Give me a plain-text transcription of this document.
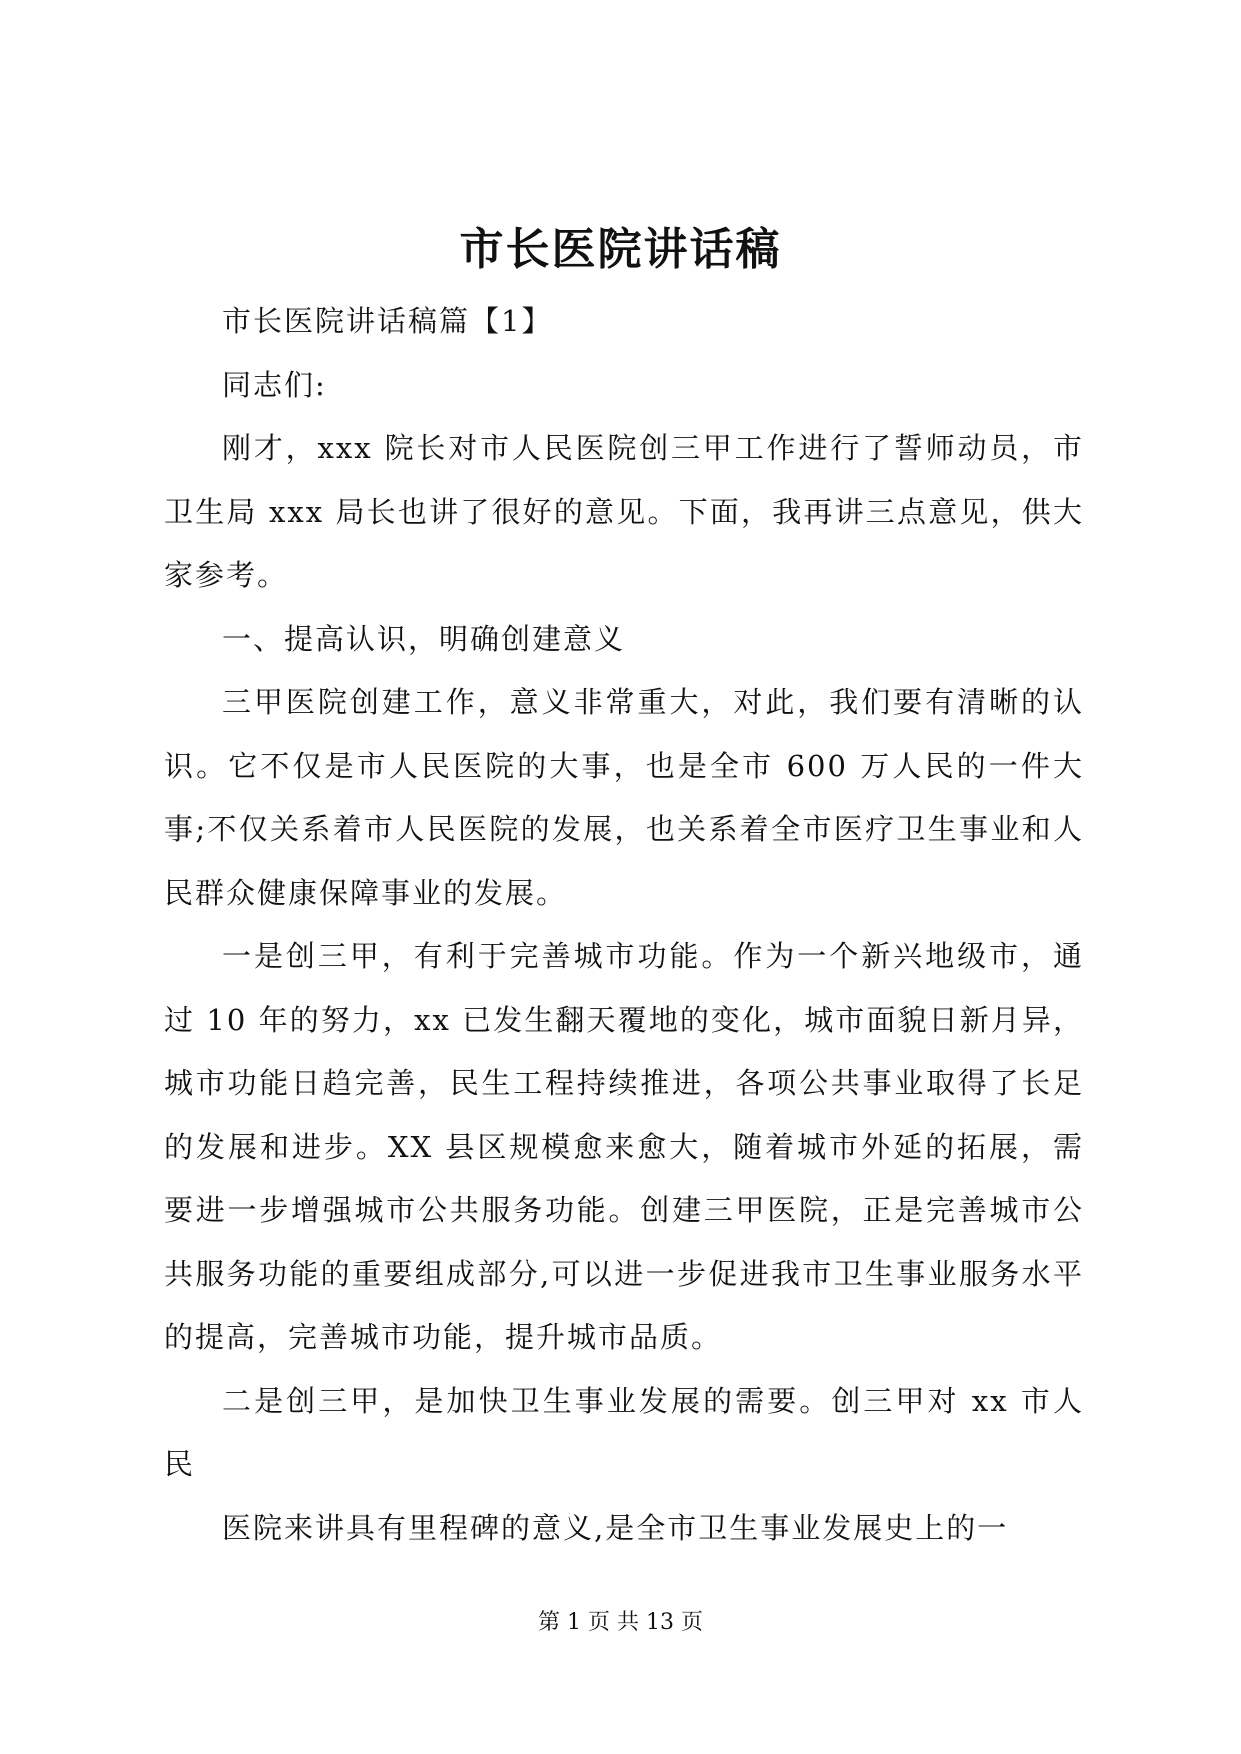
市长医院讲话稿

市长医院讲话稿篇【1】

同志们:

刚才，xxx 院长对市人民医院创三甲工作进行了誓师动员，市卫生局 xxx 局长也讲了很好的意见。下面，我再讲三点意见，供大家参考。

一、提高认识，明确创建意义

三甲医院创建工作，意义非常重大，对此，我们要有清晰的认识。它不仅是市人民医院的大事，也是全市 600 万人民的一件大事;不仅关系着市人民医院的发展，也关系着全市医疗卫生事业和人民群众健康保障事业的发展。

一是创三甲，有利于完善城市功能。作为一个新兴地级市，通过 10 年的努力，xx 已发生翻天覆地的变化，城市面貌日新月异，城市功能日趋完善，民生工程持续推进，各项公共事业取得了长足的发展和进步。XX 县区规模愈来愈大，随着城市外延的拓展，需要进一步增强城市公共服务功能。创建三甲医院，正是完善城市公共服务功能的重要组成部分,可以进一步促进我市卫生事业服务水平的提高，完善城市功能，提升城市品质。

二是创三甲，是加快卫生事业发展的需要。创三甲对 xx 市人民

医院来讲具有里程碑的意义,是全市卫生事业发展史上的一

第 1 页 共 13 页
